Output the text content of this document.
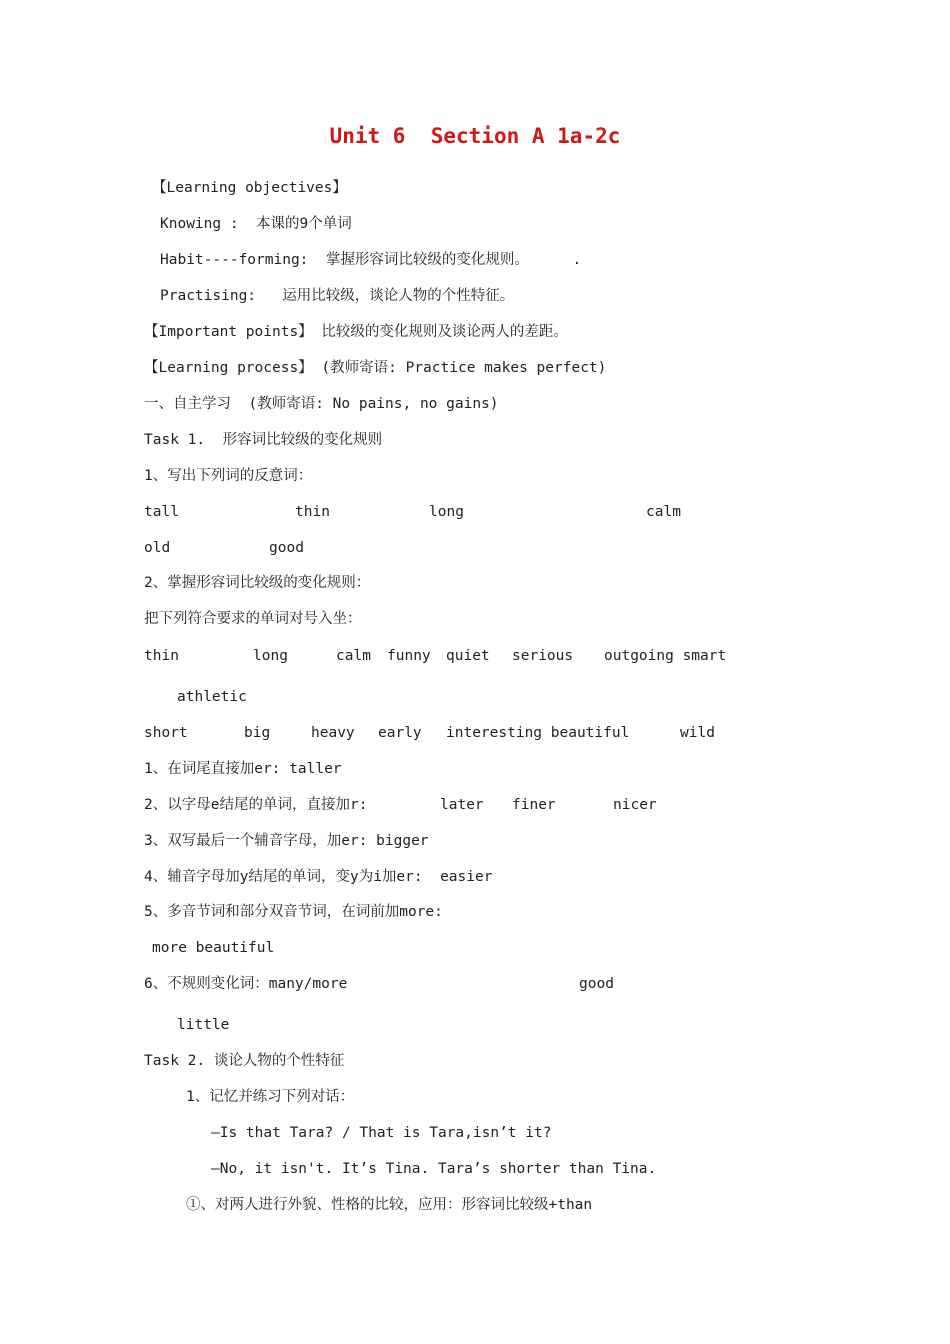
Unit 6  Section A 1a-2c
【Learning objectives】
Knowing :  本课的9个单词
Habit----forming:  掌握形容词比较级的变化规则。     .
Practising:   运用比较级，谈论人物的个性特征。
【Important points】 比较级的变化规则及谈论两人的差距。
【Learning process】 (教师寄语: Practice makes perfect)
一、自主学习  (教师寄语: No pains, no gains)
Task 1.  形容词比较级的变化规则
1、写出下列词的反意词：
tall	thin	long	calm
old	good
2、掌握形容词比较级的变化规则：
把下列符合要求的单词对号入坐：
thin	long	calm funny quiet serious outgoing smart
athletic
short	big	heavy early interesting beautiful	wild
1、在词尾直接加er: taller
2、以字母e结尾的单词，直接加r:	later finer	nicer
3、双写最后一个辅音字母，加er: bigger
4、辅音字母加y结尾的单词，变y为i加er:  easier
5、多音节词和部分双音节词，在词前加more:
more beautiful
6、不规则变化词：many/more	good
little
Task 2. 谈论人物的个性特征
1、记忆并练习下列对话：
—Is that Tara? / That is Tara,isn’t it?
—No, it isn't. It’s Tina. Tara’s shorter than Tina.
①、对两人进行外貌、性格的比较，应用：形容词比较级+than
